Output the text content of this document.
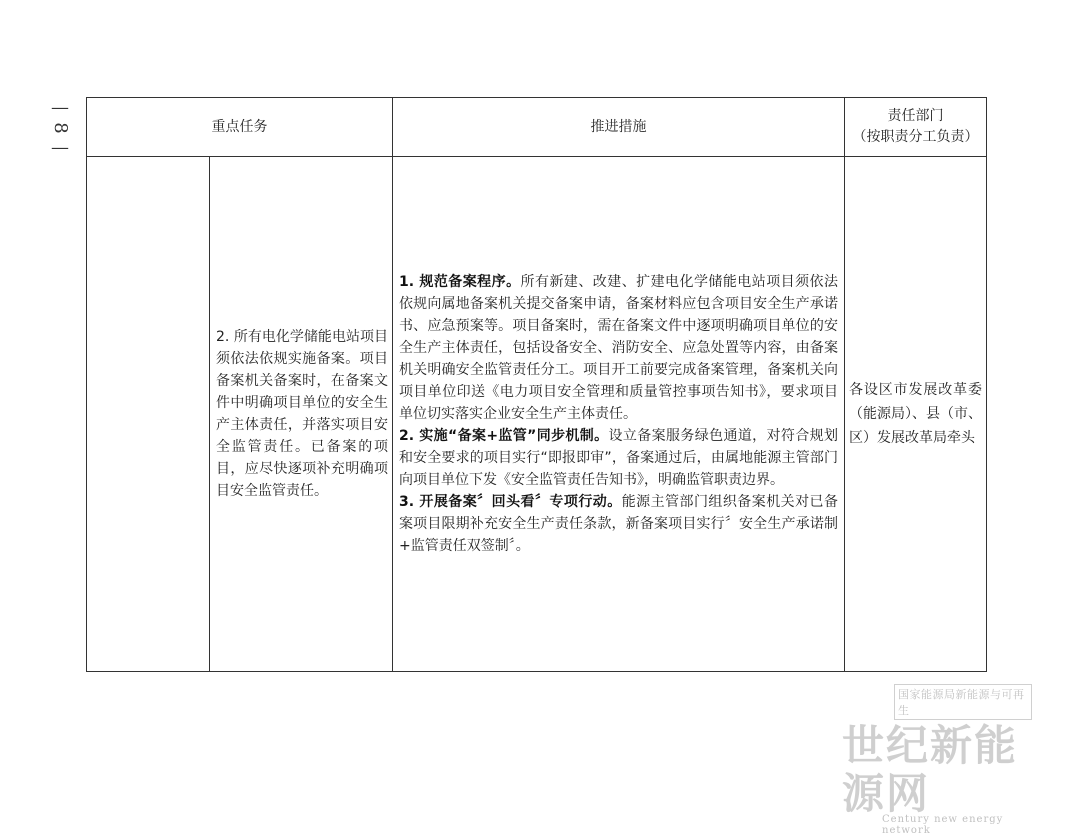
—
8
—
重点任务		推进措施	责任部门
（按职责分工负责）

	2. 所有电化学储能电站项目须依法依规实施备案。项目备案机关备案时，在备案文件中明确项目单位的安全生产主体责任，并落实项目安全监管责任。已备案的项目，应尽快逐项补充明确项目安全监管责任。	1. 规范备案程序。所有新建、改建、扩建电化学储能电站项目须依法依规向属地备案机关提交备案申请，备案材料应包含项目安全生产承诺书、应急预案等。项目备案时，需在备案文件中逐项明确项目单位的安全生产主体责任，包括设备安全、消防安全、应急处置等内容，由备案机关明确安全监管责任分工。项目开工前要完成备案管理，备案机关向项目单位印送《电力项目安全管理和质量管控事项告知书》，要求项目单位切实落实企业安全生产主体责任。

2. 实施“备案+监管”同步机制。设立备案服务绿色通道，对符合规划和安全要求的项目实行“即报即审”，备案通过后，由属地能源主管部门向项目单位下发《安全监管责任告知书》，明确监管职责边界。

3. 开展备案〞回头看〞专项行动。能源主管部门组织备案机关对已备案项目限期补充安全生产责任条款，新备案项目实行〞安全生产承诺制+监管责任双签制〞。	各设区市发展改革委（能源局）、县（市、区）发展改革局牵头
国家能源局新能源与可再生
世纪新能源网
Century new energy network
